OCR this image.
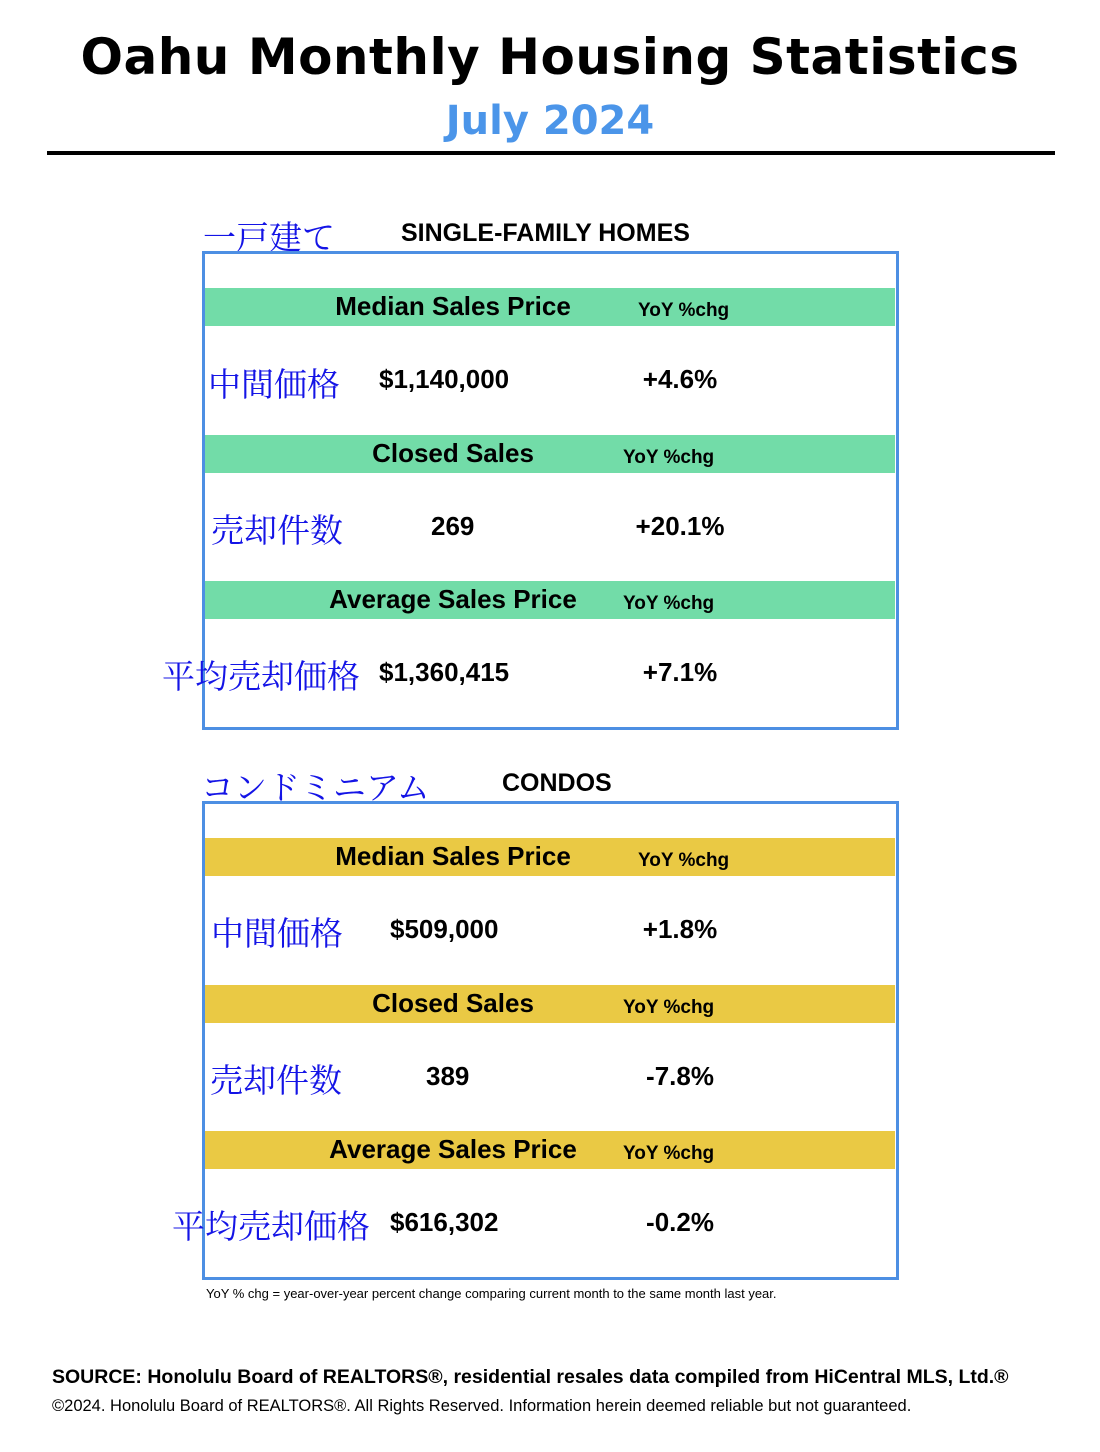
Oahu Monthly Housing Statistics
July 2024
一戸建て	SINGLE-FAMILY HOMES
Median Sales Price	YoY %chg
中間価格 $1,140,000	+4.6%
Closed Sales	YoY %chg
売却件数	269	+20.1%
Average Sales Price	YoY %chg
平均売却価格 $1,360,415	+7.1%
コンドミニアム	CONDOS
Median Sales Price	YoY %chg
中間価格 $509,000	+1.8%
Closed Sales	YoY %chg
売却件数	389	-7.8%
Average Sales Price	YoY %chg
平均売却価格 $616,302	-0.2%
YoY % chg = year-over-year percent change comparing current month to the same month last year.
SOURCE: Honolulu Board of REALTORS®, residential resales data compiled from HiCentral MLS, Ltd.®
©2024. Honolulu Board of REALTORS®. All Rights Reserved. Information herein deemed reliable but not guaranteed.
